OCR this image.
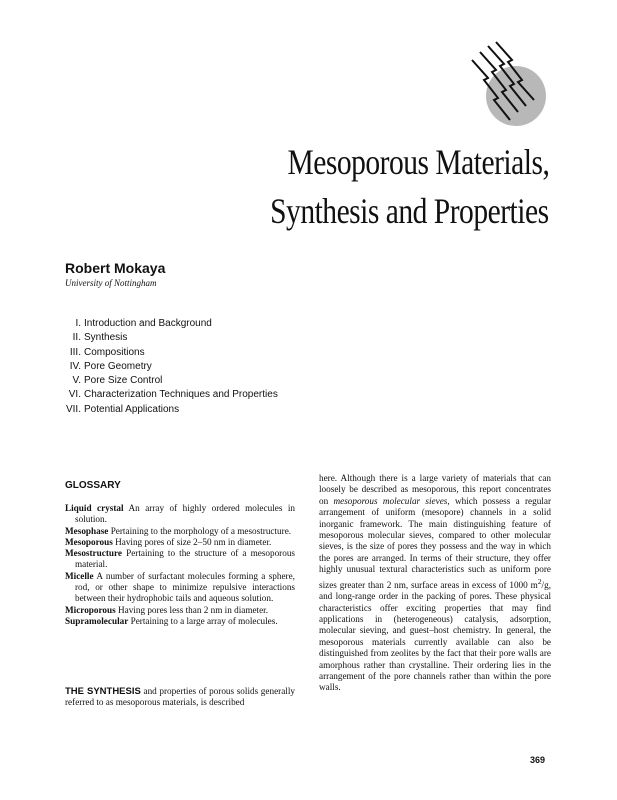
Mesoporous Materials,
Synthesis and Properties
Robert Mokaya
University of Nottingham
I. Introduction and Background
II. Synthesis
III. Compositions
IV. Pore Geometry
V. Pore Size Control
VI. Characterization Techniques and Properties
VII. Potential Applications
GLOSSARY
Liquid crystal An array of highly ordered molecules in solution.
Mesophase Pertaining to the morphology of a mesostructure.
Mesoporous Having pores of size 2–50 nm in diameter.
Mesostructure Pertaining to the structure of a mesoporous material.
Micelle A number of surfactant molecules forming a sphere, rod, or other shape to minimize repulsive interactions between their hydrophobic tails and aqueous solution.
Microporous Having pores less than 2 nm in diameter.
Supramolecular Pertaining to a large array of molecules.
THE SYNTHESIS and properties of porous solids generally referred to as mesoporous materials, is described
here. Although there is a large variety of materials that can loosely be described as mesoporous, this report concentrates on mesoporous molecular sieves, which possess a regular arrangement of uniform (mesopore) channels in a solid inorganic framework. The main distinguishing feature of mesoporous molecular sieves, compared to other molecular sieves, is the size of pores they possess and the way in which the pores are arranged. In terms of their structure, they offer highly unusual textural characteristics such as uniform pore sizes greater than 2 nm, surface areas in excess of 1000 $m^2/g$, and long-range order in the packing of pores. These physical characteristics offer exciting properties that may find applications in (heterogeneous) catalysis, adsorption, molecular sieving, and guest–host chemistry. In general, the mesoporous materials currently available can also be distinguished from zeolites by the fact that their pore walls are amorphous rather than crystalline. Their ordering lies in the arrangement of the pore channels rather than within the pore walls.
369
